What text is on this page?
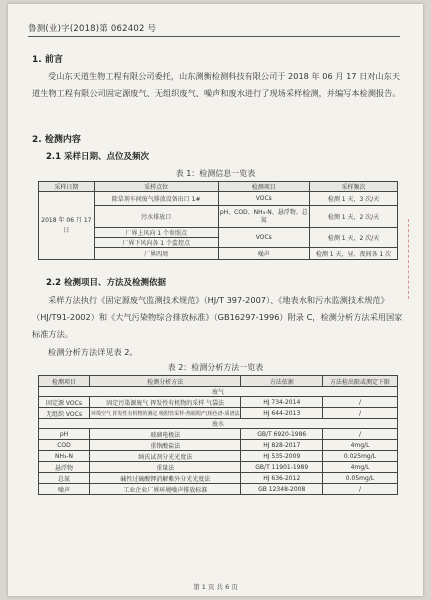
鲁测(业)字(2018)第 062402 号
1. 前言
受山东天道生物工程有限公司委托，山东测衡检测科技有限公司于 2018 年 06 月 17 日对山东天道生物工程有限公司固定源废气、无组织废气、噪声和废水进行了现场采样检测，并编写本检测报告。
2. 检测内容
2.1 采样日期、点位及频次
表 1：检测信息一览表
采样日期	采样点位	检测项目	采样频次
2018 年 06 月 17 日	除草剂车间废气排放设备出口 1#	VOCs	检测 1 天，3 次/天
	污水排放口	pH、COD、NH₃-N、悬浮物、总氮	检测 1 天，2 次/天
	厂界上风向 1 个参照点	VOCs	检测 1 天，2 次/天
	厂界下风向各 1 个监控点		
	厂界四周	噪声	检测 1 天，昼、夜间各 1 次
2.2 检测项目、方法及检测依据
采样方法执行《固定源废气监测技术规范》（HJ/T 397-2007）、《地表水和污水监测技术规范》（HJ/T91-2002）和《大气污染物综合排放标准》（GB16297-1996）附录 C，检测分析方法采用国家标准方法。
检测分析方法详见表 2。
表 2：检测分析方法一览表
检测项目	检测分析方法	方法依据	方法检出限或测定下限
废气			
固定源 VOCs	固定污染源废气 挥发性有机物的采样 气袋法	HJ 734-2014	/
无组织 VOCs	环境空气 挥发性有机物的测定 吸附管采样-热脱附/气相色谱-质谱法	HJ 644-2013	/
废水			
pH	玻璃电极法	GB/T 6920-1986	/
COD	重铬酸盐法	HJ 828-2017	4mg/L
NH₃-N	纳氏试剂分光光度法	HJ 535-2009	0.025mg/L
悬浮物	重量法	GB/T 11901-1989	4mg/L
总氮	碱性过硫酸钾消解紫外分光光度法	HJ 636-2012	0.05mg/L
噪声	工业企业厂界环境噪声排放标准	GB 12348-2008	/
第 1 页 共 6 页
